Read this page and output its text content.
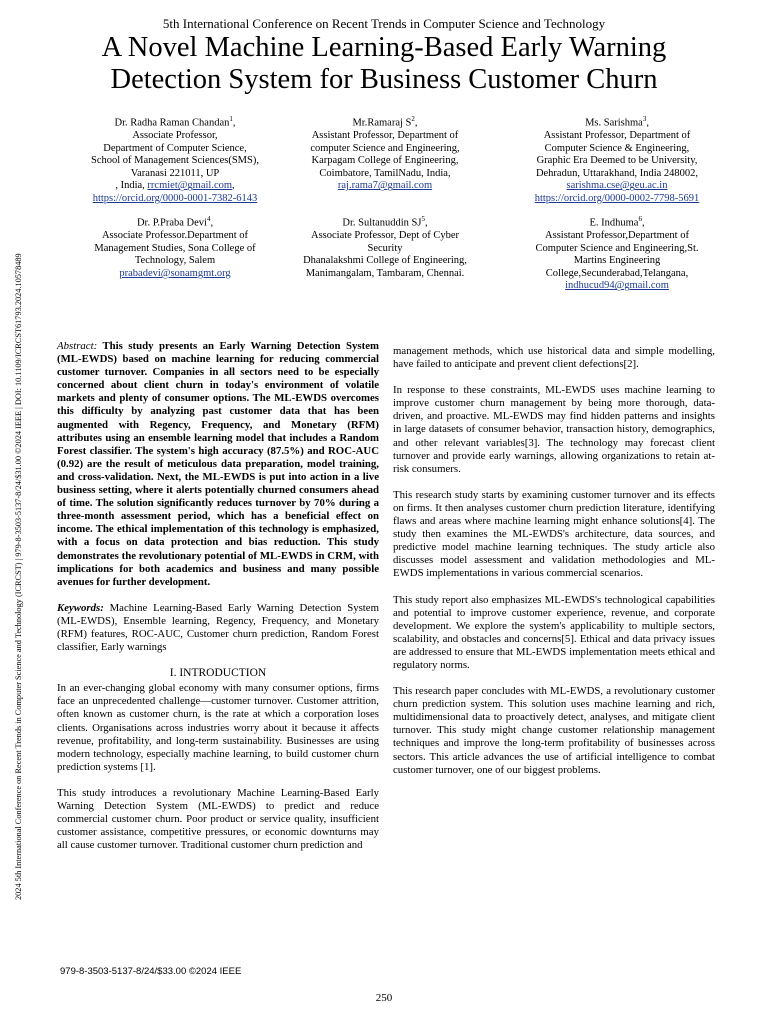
5th International Conference on Recent Trends in Computer Science and Technology
A Novel Machine Learning-Based Early Warning
Detection System for Business Customer Churn
2024 5th International Conference on Recent Trends in Computer Science and Technology (ICRCST) | 979-8-3503-5137-8/24/$31.00 ©2024 IEEE | DOI: 10.1109/ICRCST61793.2024.10578489
Dr. Radha Raman Chandan$^1$,
Associate Professor,
Department of Computer Science,
School of Management Sciences(SMS),
Varanasi 221011, UP
, India, rrcmiet@gmail.com,
https://orcid.org/0000-0001-7382-6143
Mr.Ramaraj $S^2$,
Assistant Professor, Department of
computer Science and Engineering,
Karpagam College of Engineering,
Coimbatore, TamilNadu, India,
raj.rama7@gmail.com
Ms. Sarishma$^3$,
Assistant Professor, Department of
Computer Science & Engineering,
Graphic Era Deemed to be University,
Dehradun, Uttarakhand, India 248002,
sarishma.cse@geu.ac.in
https://orcid.org/0000-0002-7798-5691
Dr. P.Praba Devi$^4$,
Associate Professor.Department of
Management Studies, Sona College of
Technology, Salem
prabadevi@sonamgmt.org
Dr. Sultanuddin $SJ^5$,
Associate Professor, Dept of Cyber
Security
Dhanalakshmi College of Engineering,
Manimangalam, Tambaram, Chennai.
E. Indhuma$^6$,
Assistant Professor,Department of
Computer Science and Engineering,St.
Martins Engineering
College,Secunderabad,Telangana,
indhucud94@gmail.com

Abstract: This study presents an Early Warning Detection System (ML-EWDS) based on machine learning for reducing commercial customer turnover. Companies in all sectors need to be especially concerned about client churn in today's environment of volatile markets and plenty of consumer options. The ML-EWDS overcomes this difficulty by analyzing past customer data that has been augmented with Regency, Frequency, and Monetary (RFM) attributes using an ensemble learning model that includes a Random Forest classifier. The system's high accuracy (87.5%) and ROC-AUC (0.92) are the result of meticulous data preparation, model training, and cross-validation. Next, the ML-EWDS is put into action in a live business setting, where it alerts potentially churned consumers ahead of time. The solution significantly reduces turnover by 70% during a three-month assessment period, which has a beneficial effect on income. The ethical implementation of this technology is emphasized, with a focus on data protection and bias reduction. This study demonstrates the revolutionary potential of ML-EWDS in CRM, with implications for both academics and business and many possible avenues for further development.

Keywords: Machine Learning-Based Early Warning Detection System (ML-EWDS), Ensemble learning, Regency, Frequency, and Monetary (RFM) features, ROC-AUC, Customer churn prediction, Random Forest classifier, Early warnings

I. INTRODUCTION

In an ever-changing global economy with many consumer options, firms face an unprecedented challenge—customer turnover. Customer attrition, often known as customer churn, is the rate at which a corporation loses clients. Organisations across industries worry about it because it affects revenue, profitability, and long-term sustainability. Businesses are using modern technology, especially machine learning, to build customer churn prediction systems [1].

This study introduces a revolutionary Machine Learning-Based Early Warning Detection System (ML-EWDS) to predict and reduce commercial customer churn. Poor product or service quality, insufficient customer assistance, competitive pressures, or economic downturns may all cause customer turnover. Traditional customer churn prediction and

management methods, which use historical data and simple modelling, have failed to anticipate and prevent client defections[2].

In response to these constraints, ML-EWDS uses machine learning to improve customer churn management by being more thorough, data-driven, and proactive. ML-EWDS may find hidden patterns and insights in large datasets of consumer behavior, transaction history, demographics, and other relevant variables[3]. The technology may forecast client turnover and provide early warnings, allowing organizations to retain at-risk consumers.

This research study starts by examining customer turnover and its effects on firms. It then analyses customer churn prediction literature, identifying flaws and areas where machine learning might enhance solutions[4]. The study then examines the ML-EWDS's architecture, data sources, and predictive model machine learning techniques. The study article also discusses model assessment and validation methodologies and ML-EWDS implementations in various commercial scenarios.

This study report also emphasizes ML-EWDS's technological capabilities and potential to improve customer experience, revenue, and corporate development. We explore the system's applicability to multiple sectors, scalability, and obstacles and concerns[5]. Ethical and data privacy issues are addressed to ensure that ML-EWDS implementation meets ethical and regulatory norms.

This research paper concludes with ML-EWDS, a revolutionary customer churn prediction system. This solution uses machine learning and rich, multidimensional data to proactively detect, analyses, and mitigate client turnover. This study might change customer relationship management techniques and improve the long-term profitability of businesses across sectors. This article advances the use of artificial intelligence to combat customer turnover, one of our biggest problems.

979-8-3503-5137-8/24/$33.00 ©2024 IEEE
250
